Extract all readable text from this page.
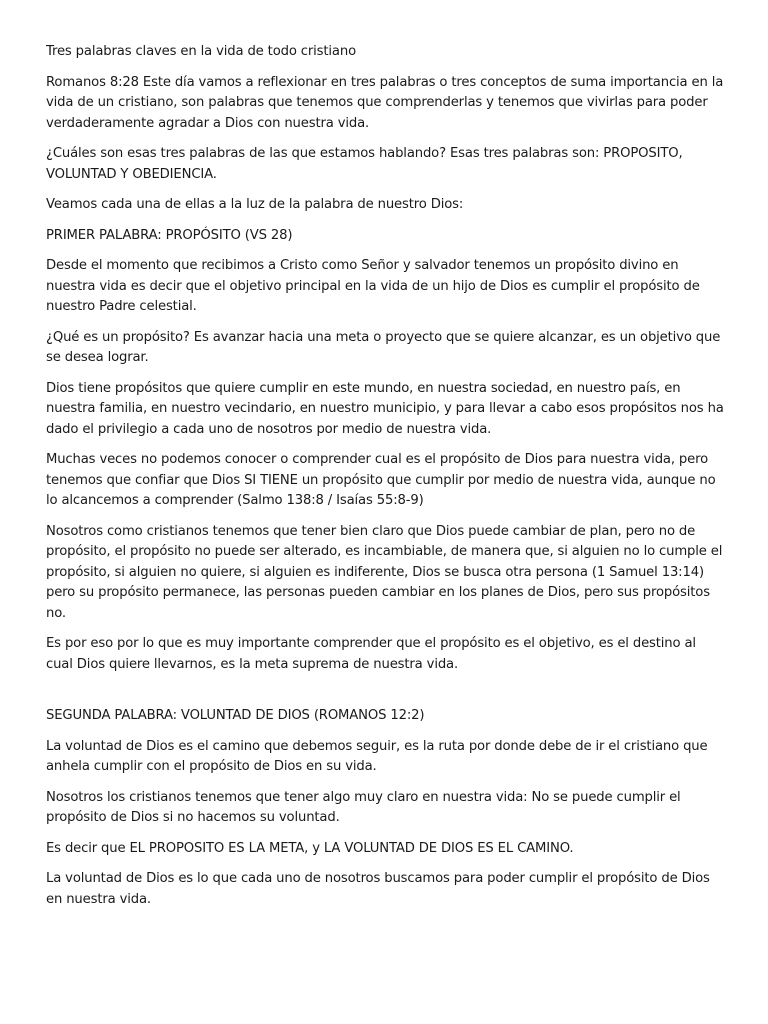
Tres palabras claves en la vida de todo cristiano

Romanos 8:28 Este día vamos a reflexionar en tres palabras o tres conceptos de suma importancia en la vida de un cristiano, son palabras que tenemos que comprenderlas y tenemos que vivirlas para poder verdaderamente agradar a Dios con nuestra vida.

¿Cuáles son esas tres palabras de las que estamos hablando? Esas tres palabras son: PROPOSITO, VOLUNTAD Y OBEDIENCIA.

Veamos cada una de ellas a la luz de la palabra de nuestro Dios:

PRIMER PALABRA: PROPÓSITO (VS 28)

Desde el momento que recibimos a Cristo como Señor y salvador tenemos un propósito divino en nuestra vida es decir que el objetivo principal en la vida de un hijo de Dios es cumplir el propósito de nuestro Padre celestial.

¿Qué es un propósito? Es avanzar hacia una meta o proyecto que se quiere alcanzar, es un objetivo que se desea lograr.

Dios tiene propósitos que quiere cumplir en este mundo, en nuestra sociedad, en nuestro país, en nuestra familia, en nuestro vecindario, en nuestro municipio, y para llevar a cabo esos propósitos nos ha dado el privilegio a cada uno de nosotros por medio de nuestra vida.

Muchas veces no podemos conocer o comprender cual es el propósito de Dios para nuestra vida, pero tenemos que confiar que Dios SI TIENE un propósito que cumplir por medio de nuestra vida, aunque no lo alcancemos a comprender (Salmo 138:8 / Isaías 55:8-9)

Nosotros como cristianos tenemos que tener bien claro que Dios puede cambiar de plan, pero no de propósito, el propósito no puede ser alterado, es incambiable, de manera que, si alguien no lo cumple el propósito, si alguien no quiere, si alguien es indiferente, Dios se busca otra persona (1 Samuel 13:14) pero su propósito permanece, las personas pueden cambiar en los planes de Dios, pero sus propósitos no.

Es por eso por lo que es muy importante comprender que el propósito es el objetivo, es el destino al cual Dios quiere llevarnos, es la meta suprema de nuestra vida.

SEGUNDA PALABRA: VOLUNTAD DE DIOS (ROMANOS 12:2)

La voluntad de Dios es el camino que debemos seguir, es la ruta por donde debe de ir el cristiano que anhela cumplir con el propósito de Dios en su vida.

Nosotros los cristianos tenemos que tener algo muy claro en nuestra vida: No se puede cumplir el propósito de Dios si no hacemos su voluntad.

Es decir que EL PROPOSITO ES LA META, y LA VOLUNTAD DE DIOS ES EL CAMINO.

La voluntad de Dios es lo que cada uno de nosotros buscamos para poder cumplir el propósito de Dios en nuestra vida.
